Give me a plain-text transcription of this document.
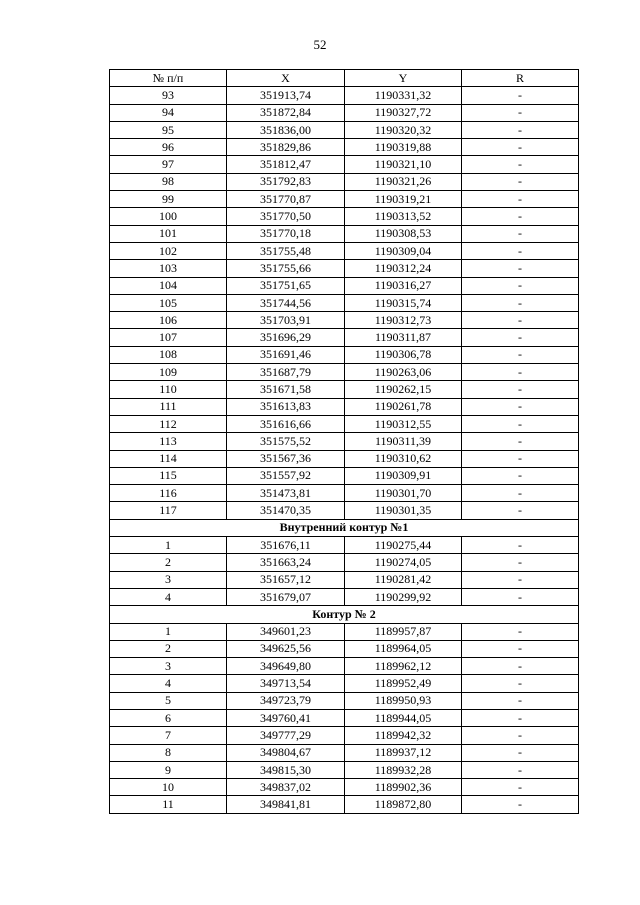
52
№ п/п	X	Y	R
93	351913,74	1190331,32	-
94	351872,84	1190327,72	-
95	351836,00	1190320,32	-
96	351829,86	1190319,88	-
97	351812,47	1190321,10	-
98	351792,83	1190321,26	-
99	351770,87	1190319,21	-
100	351770,50	1190313,52	-
101	351770,18	1190308,53	-
102	351755,48	1190309,04	-
103	351755,66	1190312,24	-
104	351751,65	1190316,27	-
105	351744,56	1190315,74	-
106	351703,91	1190312,73	-
107	351696,29	1190311,87	-
108	351691,46	1190306,78	-
109	351687,79	1190263,06	-
110	351671,58	1190262,15	-
111	351613,83	1190261,78	-
112	351616,66	1190312,55	-
113	351575,52	1190311,39	-
114	351567,36	1190310,62	-
115	351557,92	1190309,91	-
116	351473,81	1190301,70	-
117	351470,35	1190301,35	-
Внутренний контур №1			
1	351676,11	1190275,44	-
2	351663,24	1190274,05	-
3	351657,12	1190281,42	-
4	351679,07	1190299,92	-
Контур № 2			
1	349601,23	1189957,87	-
2	349625,56	1189964,05	-
3	349649,80	1189962,12	-
4	349713,54	1189952,49	-
5	349723,79	1189950,93	-
6	349760,41	1189944,05	-
7	349777,29	1189942,32	-
8	349804,67	1189937,12	-
9	349815,30	1189932,28	-
10	349837,02	1189902,36	-
11	349841,81	1189872,80	-
